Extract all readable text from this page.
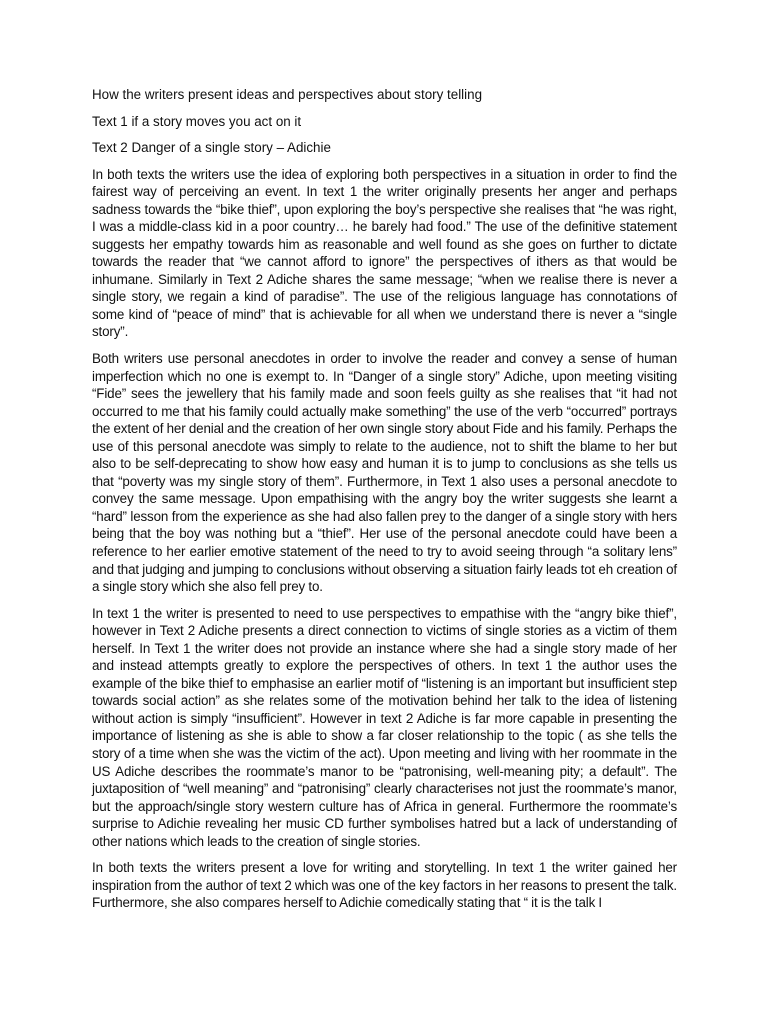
How the writers present ideas and perspectives about story telling
Text 1 if a story moves you act on it
Text 2 Danger of a single story – Adichie

In both texts the writers use the idea of exploring both perspectives in a situation in order to find the fairest way of perceiving an event. In text 1 the writer originally presents her anger and perhaps sadness towards the “bike thief”, upon exploring the boy’s perspective she realises that “he was right, I was a middle-class kid in a poor country… he barely had food.” The use of the definitive statement suggests her empathy towards him as reasonable and well found as she goes on further to dictate towards the reader that “we cannot afford to ignore” the perspectives of ithers as that would be inhumane. Similarly in Text 2 Adiche shares the same message; “when we realise there is never a single story, we regain a kind of paradise”. The use of the religious language has connotations of some kind of “peace of mind” that is achievable for all when we understand there is never a “single story”.

Both writers use personal anecdotes in order to involve the reader and convey a sense of human imperfection which no one is exempt to. In “Danger of a single story” Adiche, upon meeting visiting “Fide” sees the jewellery that his family made and soon feels guilty as she realises that “it had not occurred to me that his family could actually make something” the use of the verb “occurred” portrays the extent of her denial and the creation of her own single story about Fide and his family. Perhaps the use of this personal anecdote was simply to relate to the audience, not to shift the blame to her but also to be self-deprecating to show how easy and human it is to jump to conclusions as she tells us that “poverty was my single story of them”. Furthermore, in Text 1 also uses a personal anecdote to convey the same message. Upon empathising with the angry boy the writer suggests she learnt a “hard” lesson from the experience as she had also fallen prey to the danger of a single story with hers being that the boy was nothing but a “thief”. Her use of the personal anecdote could have been a reference to her earlier emotive statement of the need to try to avoid seeing through “a solitary lens” and that judging and jumping to conclusions without observing a situation fairly leads tot eh creation of a single story which she also fell prey to.

In text 1 the writer is presented to need to use perspectives to empathise with the “angry bike thief”, however in Text 2 Adiche presents a direct connection to victims of single stories as a victim of them herself. In Text 1 the writer does not provide an instance where she had a single story made of her and instead attempts greatly to explore the perspectives of others. In text 1 the author uses the example of the bike thief to emphasise an earlier motif of “listening is an important but insufficient step towards social action” as she relates some of the motivation behind her talk to the idea of listening without action is simply “insufficient”. However in text 2 Adiche is far more capable in presenting the importance of listening as she is able to show a far closer relationship to the topic ( as she tells the story of a time when she was the victim of the act). Upon meeting and living with her roommate in the US Adiche describes the roommate’s manor to be “patronising, well-meaning pity; a default”. The juxtaposition of “well meaning” and “patronising” clearly characterises not just the roommate’s manor, but the approach/single story western culture has of Africa in general. Furthermore the roommate’s surprise to Adichie revealing her music CD further symbolises hatred but a lack of understanding of other nations which leads to the creation of single stories.

In both texts the writers present a love for writing and storytelling. In text 1 the writer gained her inspiration from the author of text 2 which was one of the key factors in her reasons to present the talk. Furthermore, she also compares herself to Adichie comedically stating that “ it is the talk I
